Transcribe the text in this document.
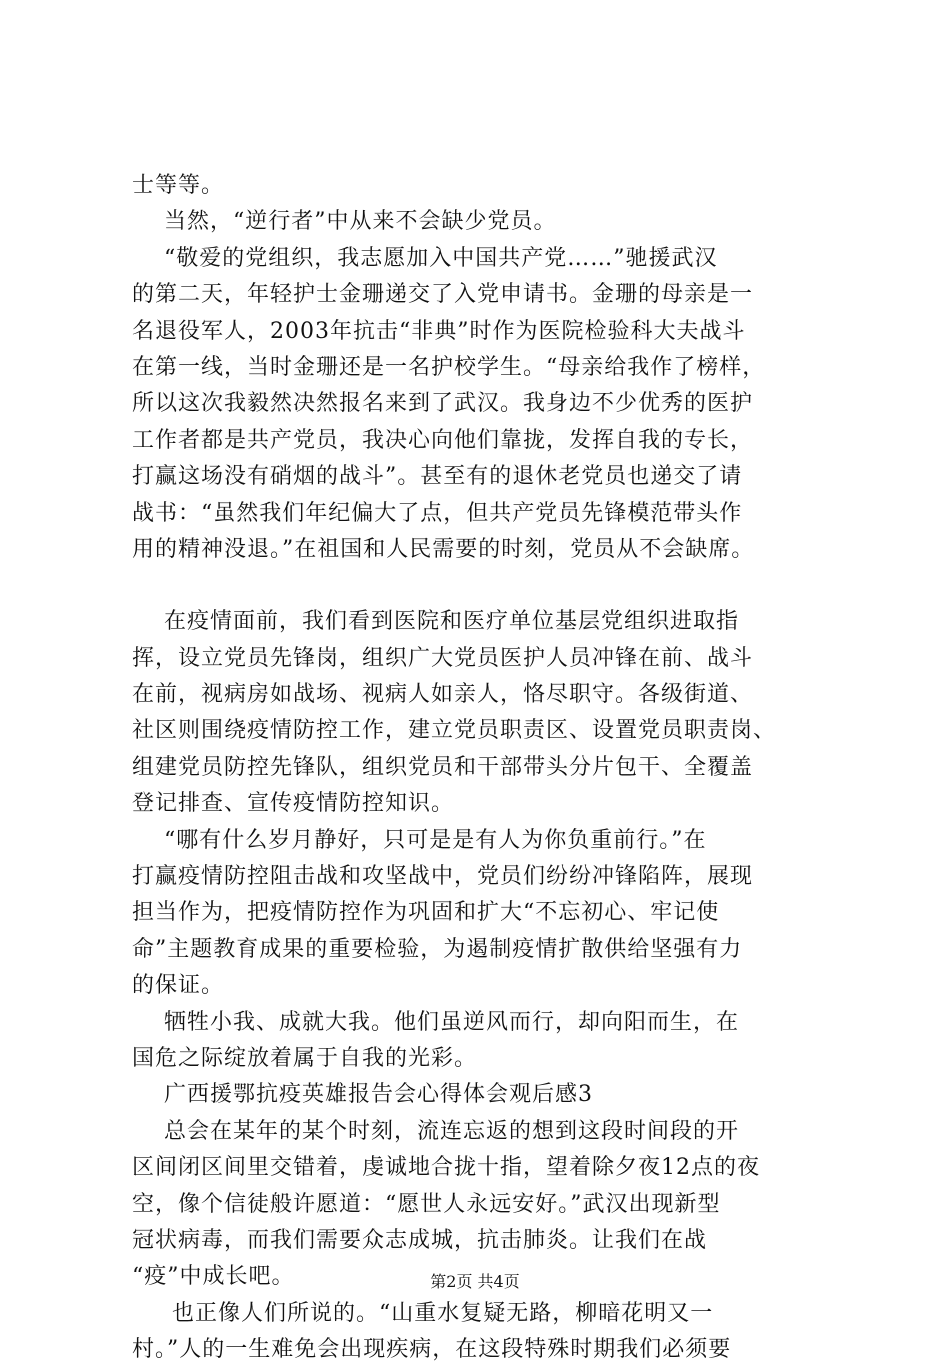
士等等。
当然，“逆行者”中从来不会缺少党员。
“敬爱的党组织，我志愿加入中国共产党……”驰援武汉
的第二天，年轻护士金珊递交了入党申请书。金珊的母亲是一
名退役军人，2003年抗击“非典”时作为医院检验科大夫战斗
在第一线，当时金珊还是一名护校学生。“母亲给我作了榜样，
所以这次我毅然决然报名来到了武汉。我身边不少优秀的医护
工作者都是共产党员，我决心向他们靠拢，发挥自我的专长，
打赢这场没有硝烟的战斗”。甚至有的退休老党员也递交了请
战书：“虽然我们年纪偏大了点，但共产党员先锋模范带头作
用的精神没退。”在祖国和人民需要的时刻，党员从不会缺席。
在疫情面前，我们看到医院和医疗单位基层党组织进取指
挥，设立党员先锋岗，组织广大党员医护人员冲锋在前、战斗
在前，视病房如战场、视病人如亲人，恪尽职守。各级街道、
社区则围绕疫情防控工作，建立党员职责区、设置党员职责岗、
组建党员防控先锋队，组织党员和干部带头分片包干、全覆盖
登记排查、宣传疫情防控知识。
“哪有什么岁月静好，只可是是有人为你负重前行。”在
打赢疫情防控阻击战和攻坚战中，党员们纷纷冲锋陷阵，展现
担当作为，把疫情防控作为巩固和扩大“不忘初心、牢记使
命”主题教育成果的重要检验，为遏制疫情扩散供给坚强有力
的保证。
牺牲小我、成就大我。他们虽逆风而行，却向阳而生，在
国危之际绽放着属于自我的光彩。
广西援鄂抗疫英雄报告会心得体会观后感3
总会在某年的某个时刻，流连忘返的想到这段时间段的开
区间闭区间里交错着，虔诚地合拢十指，望着除夕夜12点的夜
空，像个信徒般许愿道：“愿世人永远安好。”武汉出现新型
冠状病毒，而我们需要众志成城，抗击肺炎。让我们在战
“疫”中成长吧。
也正像人们所说的。“山重水复疑无路，柳暗花明又一
村。”人的一生难免会出现疾病，在这段特殊时期我们必须要
第2页 共4页
